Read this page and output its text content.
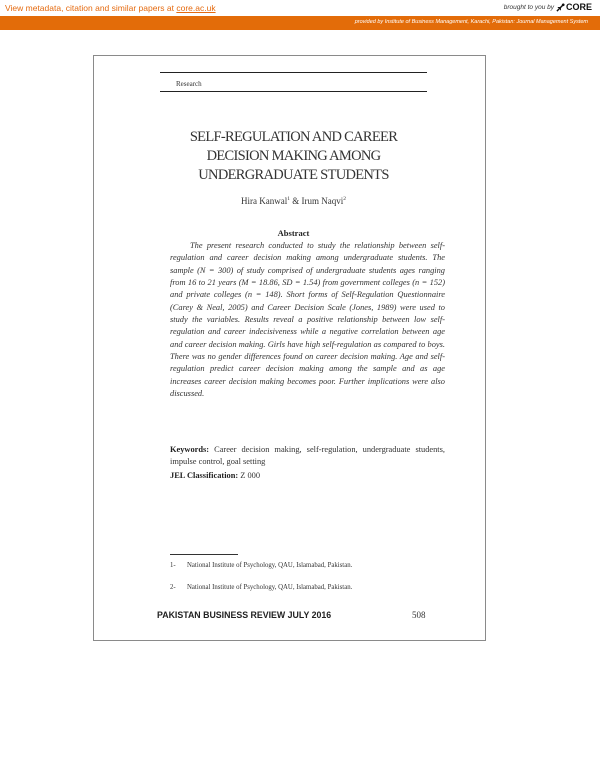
View metadata, citation and similar papers at core.ac.uk	brought to you by CORE
provided by Institute of Business Management, Karachi, Pakistan: Journal Management System
Research
SELF-REGULATION AND CAREER
DECISION MAKING AMONG
UNDERGRADUATE STUDENTS
Hira Kanwal$^1$ & Irum Naqvi$^2$
Abstract
The present research conducted to study the relationship between self-regulation and career decision making among undergraduate students. The sample (N = 300) of study comprised of undergraduate students ages ranging from 16 to 21 years (M = 18.86, SD = 1.54) from government colleges (n = 152) and private colleges (n = 148). Short forms of Self-Regulation Questionnaire (Carey & Neal, 2005) and Career Decision Scale (Jones, 1989) were used to study the variables. Results reveal a positive relationship between low self-regulation and career indecisiveness while a negative correlation between age and career decision making. Girls have high self-regulation as compared to boys. There was no gender differences found on career decision making. Age and self-regulation predict career decision making among the sample and as age increases career decision making becomes poor. Further implications were also discussed.
Keywords: Career decision making, self-regulation, undergraduate students, impulse control, goal setting
JEL Classification: Z 000
1- National Institute of Psychology, QAU, Islamabad, Pakistan.
2- National Institute of Psychology, QAU, Islamabad, Pakistan.
PAKISTAN BUSINESS REVIEW JULY 2016	508
